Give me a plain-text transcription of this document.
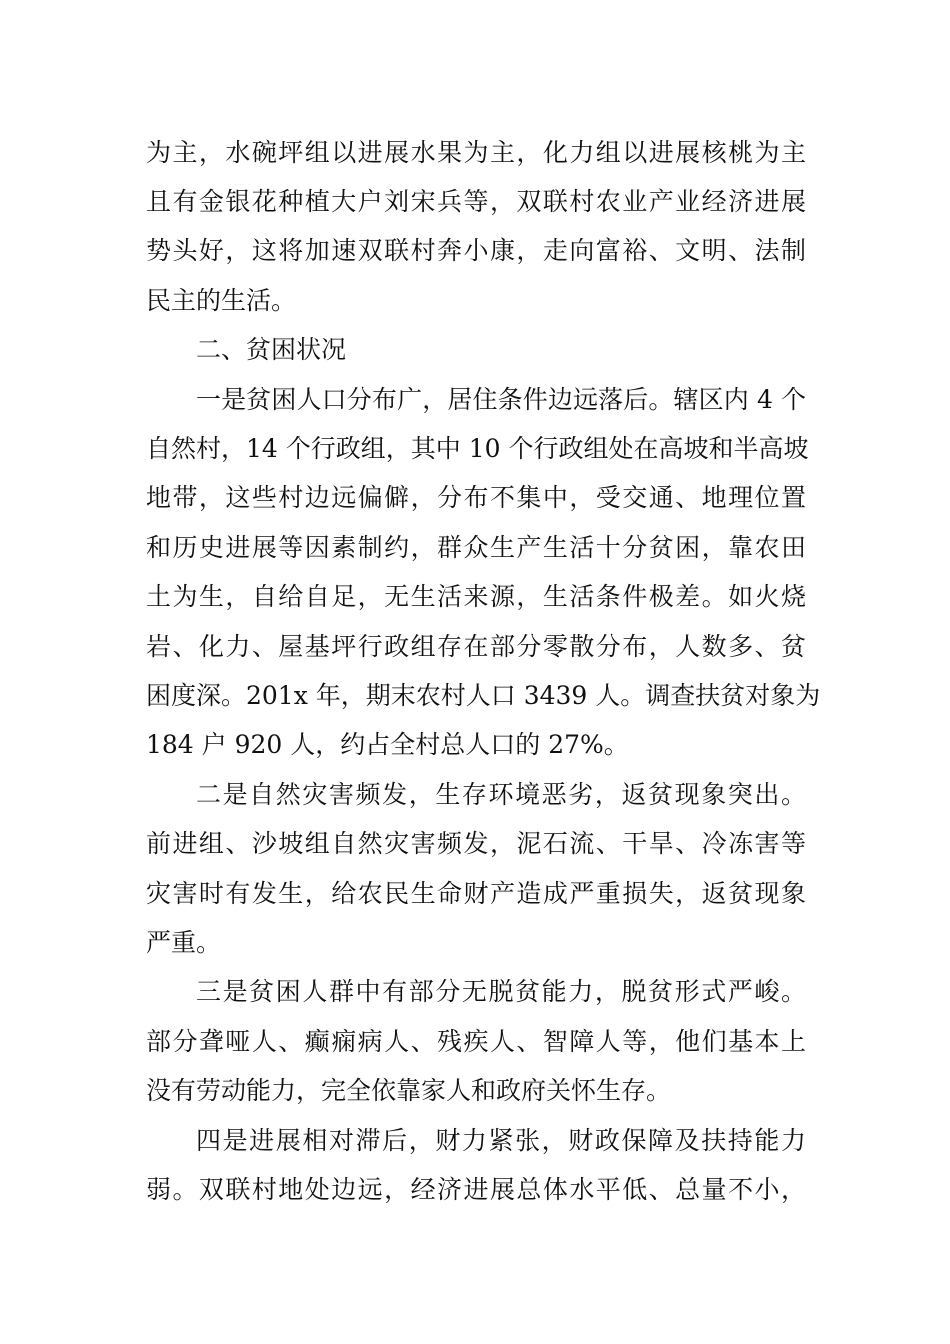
为主，水碗坪组以进展水果为主，化力组以进展核桃为主
且有金银花种植大户刘宋兵等，双联村农业产业经济进展
势头好，这将加速双联村奔小康，走向富裕、文明、法制
民主的生活。
二、贫困状况
一是贫困人口分布广，居住条件边远落后。辖区内 4 个
自然村，14 个行政组，其中 10 个行政组处在高坡和半高坡
地带，这些村边远偏僻，分布不集中，受交通、地理位置
和历史进展等因素制约，群众生产生活十分贫困，靠农田
土为生，自给自足，无生活来源，生活条件极差。如火烧
岩、化力、屋基坪行政组存在部分零散分布，人数多、贫
困度深。201x 年，期末农村人口 3439 人。调查扶贫对象为
184 户 920 人，约占全村总人口的 27%。
二是自然灾害频发，生存环境恶劣，返贫现象突出。
前进组、沙坡组自然灾害频发，泥石流、干旱、冷冻害等
灾害时有发生，给农民生命财产造成严重损失，返贫现象
严重。
三是贫困人群中有部分无脱贫能力，脱贫形式严峻。
部分聋哑人、癫痫病人、残疾人、智障人等，他们基本上
没有劳动能力，完全依靠家人和政府关怀生存。
四是进展相对滞后，财力紧张，财政保障及扶持能力
弱。双联村地处边远，经济进展总体水平低、总量不小，
